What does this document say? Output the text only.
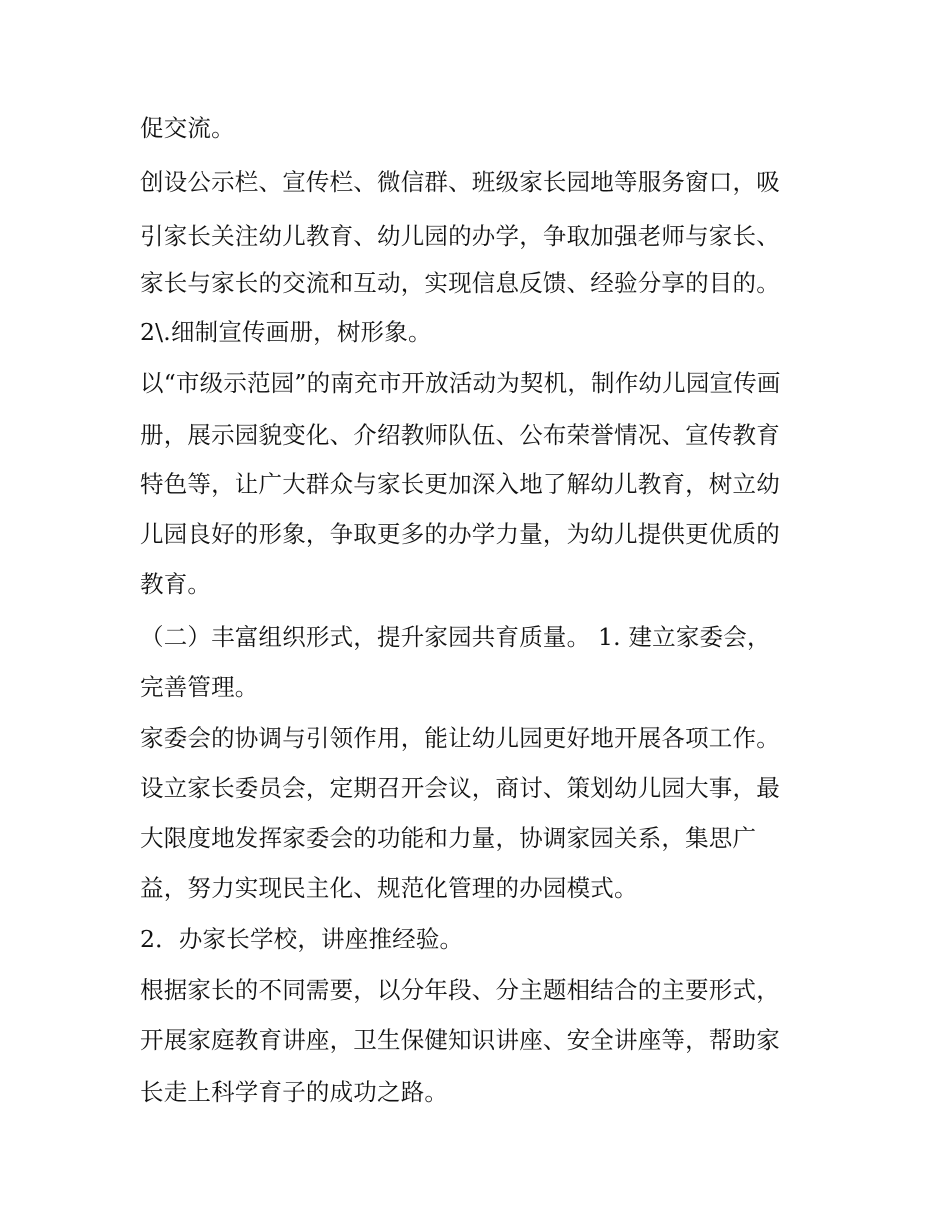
促交流。
创设公示栏、宣传栏、微信群、班级家长园地等服务窗口，吸
引家长关注幼儿教育、幼儿园的办学，争取加强老师与家长、
家长与家长的交流和互动，实现信息反馈、经验分享的目的。
2\.细制宣传画册，树形象。
以“市级示范园”的南充市开放活动为契机，制作幼儿园宣传画
册，展示园貌变化、介绍教师队伍、公布荣誉情况、宣传教育
特色等，让广大群众与家长更加深入地了解幼儿教育，树立幼
儿园良好的形象，争取更多的办学力量，为幼儿提供更优质的
教育。
（二）丰富组织形式，提升家园共育质量。 1. 建立家委会，
完善管理。
家委会的协调与引领作用，能让幼儿园更好地开展各项工作。
设立家长委员会，定期召开会议，商讨、策划幼儿园大事，最
大限度地发挥家委会的功能和力量，协调家园关系，集思广
益，努力实现民主化、规范化管理的办园模式。
2．办家长学校，讲座推经验。
根据家长的不同需要，以分年段、分主题相结合的主要形式，
开展家庭教育讲座，卫生保健知识讲座、安全讲座等，帮助家
长走上科学育子的成功之路。
